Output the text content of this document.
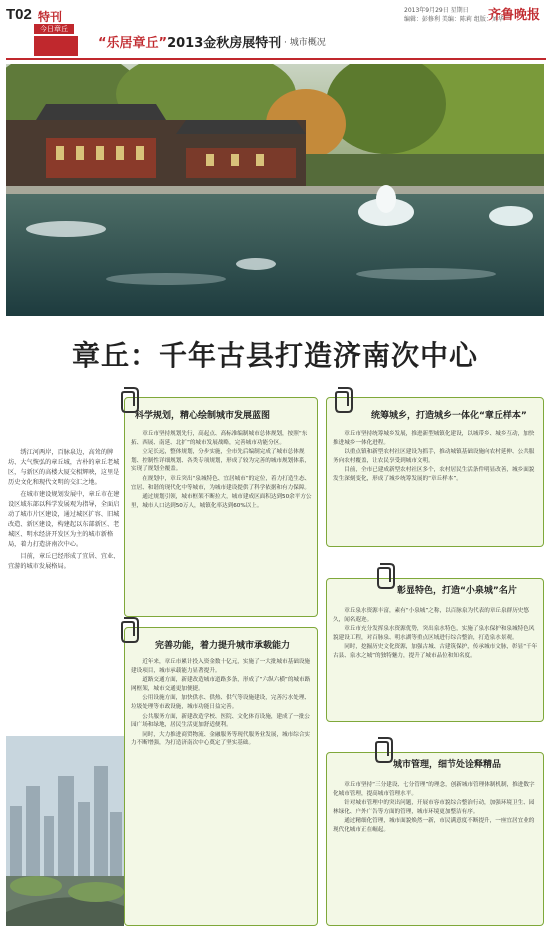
T02 特刊
今日章丘
“乐居章丘”2013金秋房展特刊 · 城市概况
2013年9月29日 星期日
编辑：彭修利 美编：陈莉 组版：刘华
齐鲁晚报
章丘：千年古县打造济南次中心

绣江河两岸，百脉泉边，高耸的牌坊、大气恢弘的章丘城，古朴的章丘老城区，与新区的高楼大厦交相辉映，这里是历史文化和现代文明的交汇之地。

在城市建设规划发展中，章丘市在建设区域东部以科学发展观为指导，全面启动了城市片区建设，通过城区扩容、旧城改造、新区建设，构建起以东部新区、老城区、明水经济开发区为主的城市新格局，着力打造济南次中心。

目前，章丘已经形成了宜居、宜业、宜游的城市发展格局。

科学规划，精心绘制城市发展蓝图

章丘市坚持规划先行，高起点、高标准编制城市总体规划，按照“东拓、西展、南延、北扩”的城市发展战略，完善城市功能分区。

立足长远，整体规划，分步实施，全市先后编制完成了城市总体规划、控制性详细规划、各类专项规划，形成了较为完善的城市规划体系，实现了规划全覆盖。

在规划中，章丘突出“泉城特色、宜居城市”的定位，着力打造生态、宜居、和谐的现代化中等城市，为城市建设提供了科学依据和有力保障。

通过规划引领，城市框架不断拉大，城市建成区面积达到50余平方公里，城市人口达到50万人，城镇化率达到60%以上。

统筹城乡，打造城乡一体化“章丘样本”

章丘市坚持统筹城乡发展，推进新型城镇化建设，以城带乡、城乡互动，加快推进城乡一体化进程。

以重点镇和新型农村社区建设为抓手，推动城镇基础设施向农村延伸、公共服务向农村覆盖，让农民享受到城市文明。

目前，全市已建成新型农村社区多个，农村居民生活条件明显改善，城乡面貌发生深刻变化，形成了城乡统筹发展的“章丘样本”。

完善功能，着力提升城市承载能力

近年来，章丘市累计投入资金数十亿元，实施了一大批城市基础设施建设项目，城市承载能力显著提升。

道路交通方面，新建改造城市道路多条，形成了“六纵六横”的城市路网框架，城市交通更加便捷。

公用设施方面，加快供水、供热、供气等设施建设，完善污水处理、垃圾处理等市政设施，城市功能日益完善。

公共服务方面，新建改造学校、医院、文化体育设施，建成了一批公园广场和绿地，居民生活更加舒适便利。

同时，大力推进商贸物流、金融服务等现代服务业发展，城市综合实力不断增强，为打造济南次中心奠定了坚实基础。

彰显特色，打造“小泉城”名片

章丘泉水资源丰富，素有“小泉城”之称，以百脉泉为代表的章丘泉群历史悠久，闻名遐迩。

章丘市充分发挥泉水资源优势，突出泉水特色，实施了泉水保护和泉城特色风貌建设工程，对百脉泉、明水湖等重点区域进行综合整治，打造泉水景观。

同时，挖掘历史文化资源，加强古城、古建筑保护，传承城市文脉，彰显“千年古县、泉水之城”的独特魅力，提升了城市品位和知名度。

城市管理，细节处诠释精品

章丘市坚持“三分建设、七分管理”的理念，创新城市管理体制机制，推进数字化城市管理，提高城市管理水平。

针对城市管理中的突出问题，开展市容市貌综合整治行动，加强环境卫生、园林绿化、户外广告等方面的管理，城市环境更加整洁有序。

通过精细化管理，城市面貌焕然一新，市民满意度不断提升，一座宜居宜业的现代化城市正在崛起。
